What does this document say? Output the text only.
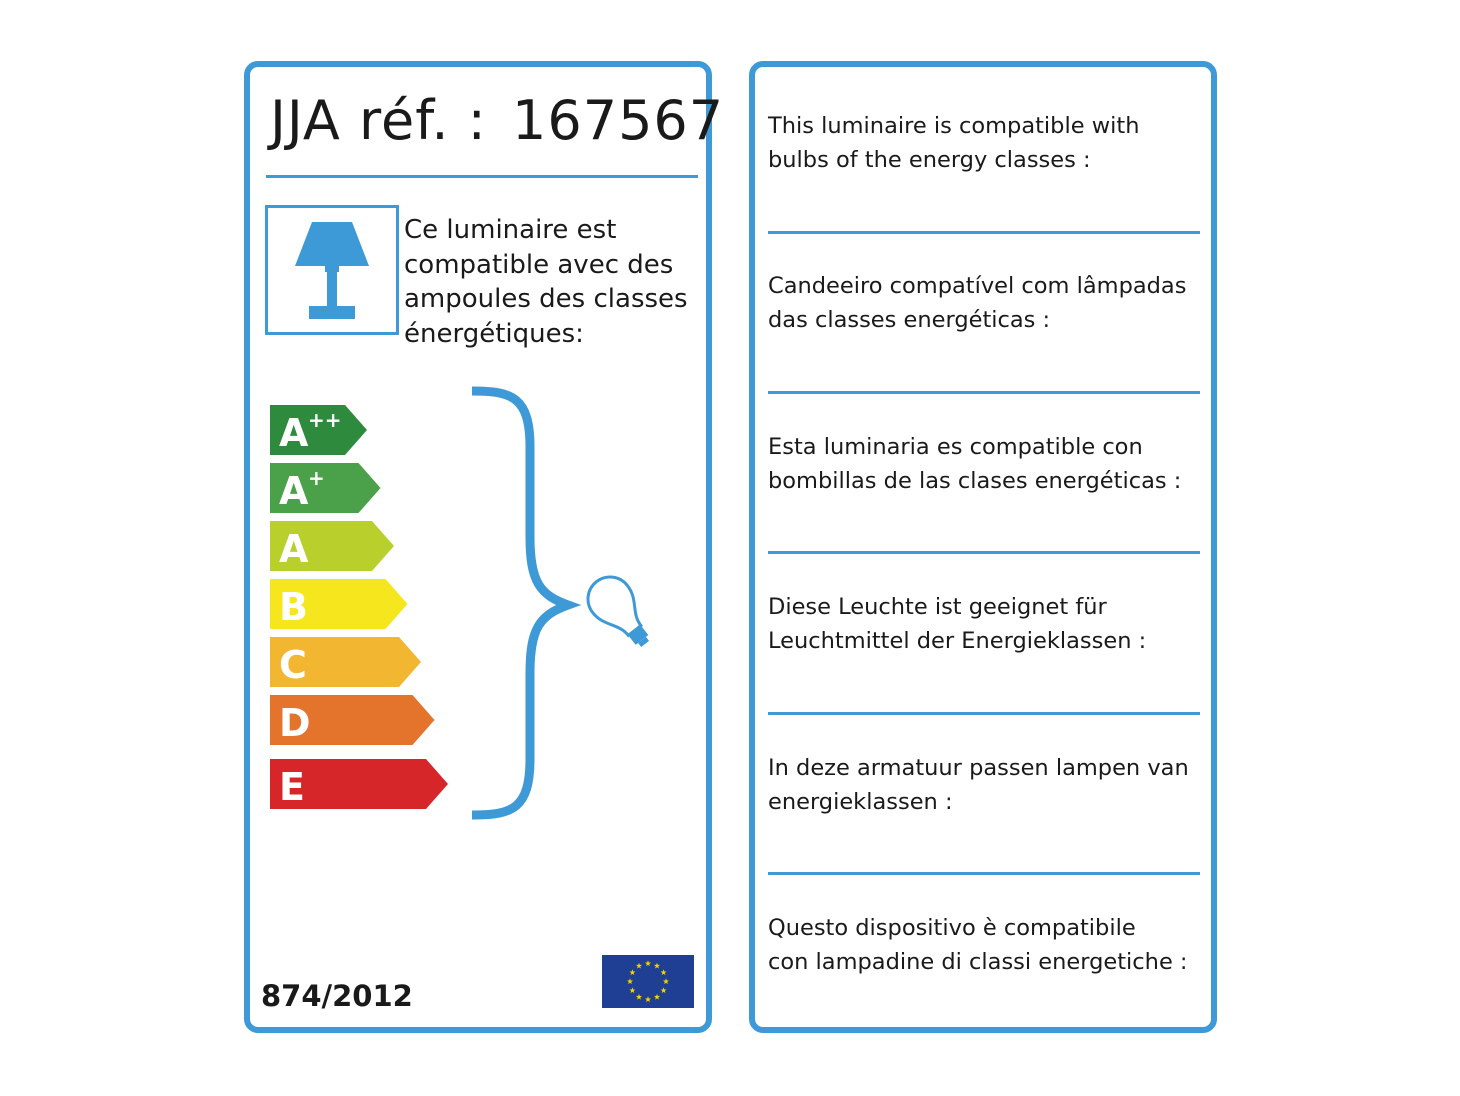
JJA réf. : 167567

Ce luminaire est compatible avec des ampoules des classes énergétiques:

A ++
A +
A
B
C
D
E

874/2012

This luminaire is compatible with
bulbs of the energy classes :

Candeeiro compatível com lâmpadas
das classes energéticas :

Esta luminaria es compatible con
bombillas de las clases energéticas :

Diese Leuchte ist geeignet für
Leuchtmittel der Energieklassen :

In deze armatuur passen lampen van
energieklassen :

Questo dispositivo è compatibile
con lampadine di classi energetiche :
